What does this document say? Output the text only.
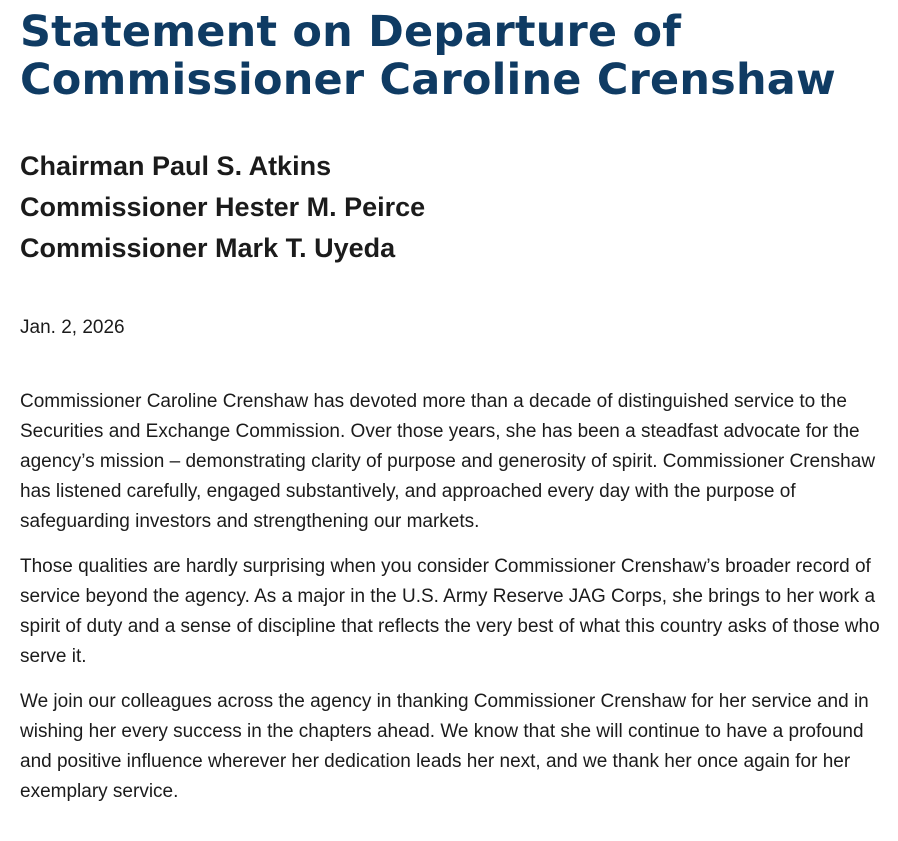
Statement on Departure of Commissioner Caroline Crenshaw
Chairman Paul S. Atkins
Commissioner Hester M. Peirce
Commissioner Mark T. Uyeda
Jan. 2, 2026

Commissioner Caroline Crenshaw has devoted more than a decade of distinguished service to the Securities and Exchange Commission. Over those years, she has been a steadfast advocate for the agency’s mission – demonstrating clarity of purpose and generosity of spirit. Commissioner Crenshaw has listened carefully, engaged substantively, and approached every day with the purpose of safeguarding investors and strengthening our markets.

Those qualities are hardly surprising when you consider Commissioner Crenshaw’s broader record of service beyond the agency. As a major in the U.S. Army Reserve JAG Corps, she brings to her work a spirit of duty and a sense of discipline that reflects the very best of what this country asks of those who serve it.

We join our colleagues across the agency in thanking Commissioner Crenshaw for her service and in wishing her every success in the chapters ahead. We know that she will continue to have a profound and positive influence wherever her dedication leads her next, and we thank her once again for her exemplary service.
